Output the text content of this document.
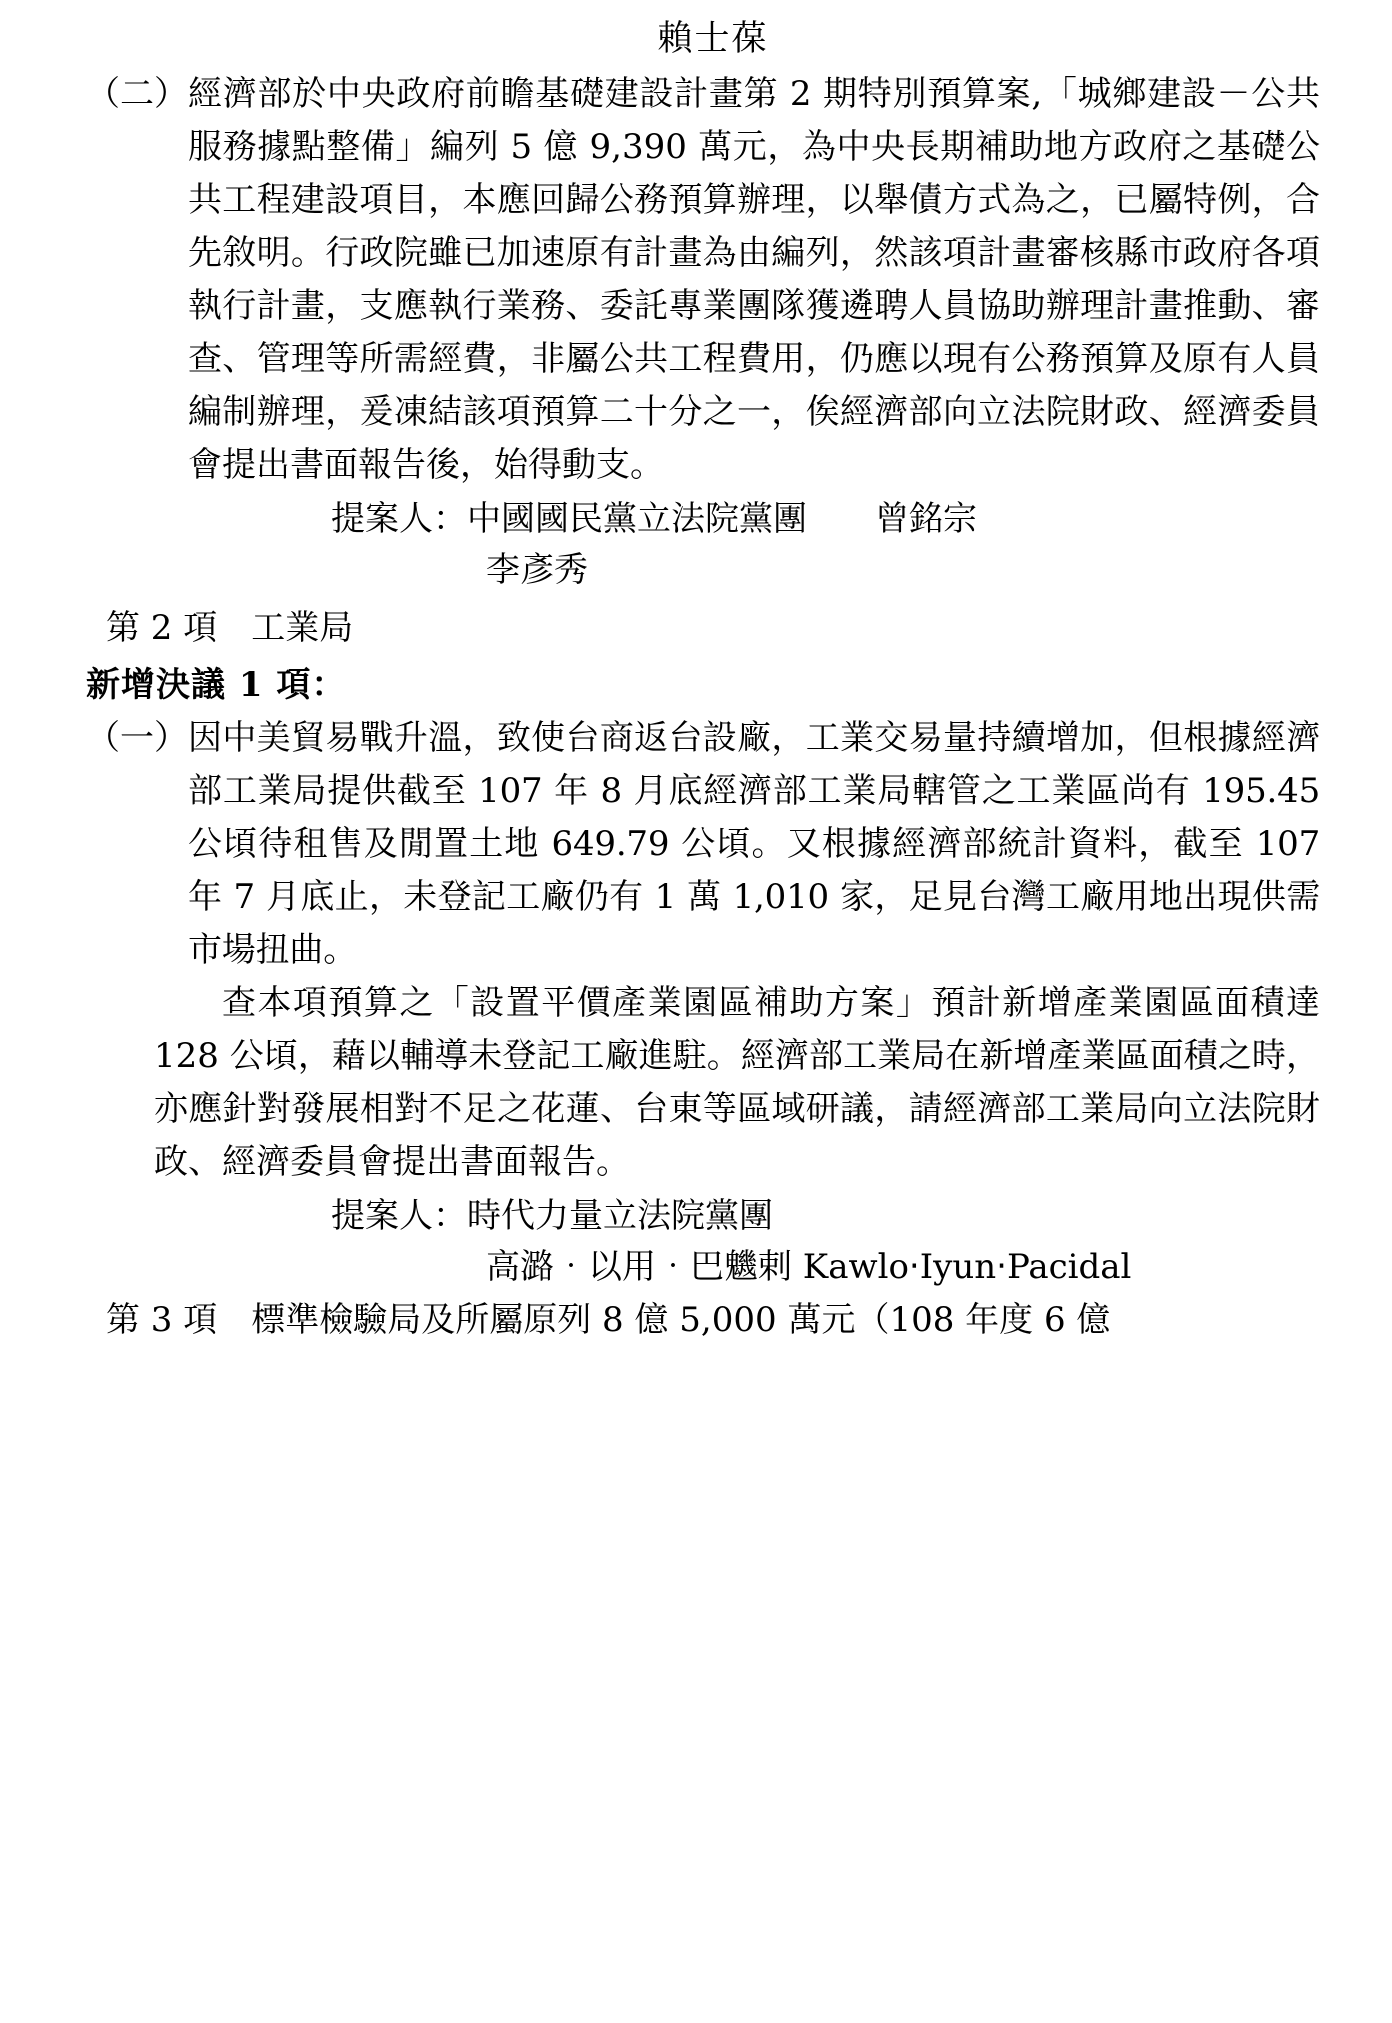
賴士葆
（二） 經濟部於中央政府前瞻基礎建設計畫第 2 期特別預算案,「城鄉建設－公共服務據點整備」編列 5 億 9,390 萬元，為中央長期補助地方政府之基礎公共工程建設項目，本應回歸公務預算辦理，以舉債方式為之，已屬特例，合先敘明。行政院雖已加速原有計畫為由編列，然該項計畫審核縣市政府各項執行計畫，支應執行業務、委託專業團隊獲遴聘人員協助辦理計畫推動、審查、管理等所需經費，非屬公共工程費用，仍應以現有公務預算及原有人員編制辦理，爰凍結該項預算二十分之一，俟經濟部向立法院財政、經濟委員會提出書面報告後，始得動支。
提案人：中國國民黨立法院黨團　　曾銘宗
李彥秀
第 2 項　工業局
新增決議 1 項：
（一） 因中美貿易戰升溫，致使台商返台設廠，工業交易量持續增加，但根據經濟部工業局提供截至 107 年 8 月底經濟部工業局轄管之工業區尚有 195.45 公頃待租售及閒置土地 649.79 公頃。又根據經濟部統計資料，截至 107 年 7 月底止，未登記工廠仍有 1 萬 1,010 家，足見台灣工廠用地出現供需市場扭曲。
查本項預算之「設置平價產業園區補助方案」預計新增產業園區面積達 128 公頃，藉以輔導未登記工廠進駐。經濟部工業局在新增產業區面積之時，亦應針對發展相對不足之花蓮、台東等區域研議，請經濟部工業局向立法院財政、經濟委員會提出書面報告。
提案人：時代力量立法院黨團
高潞‧以用‧巴魕剌 Kawlo‧Iyun‧Pacidal
第 3 項　標準檢驗局及所屬原列 8 億 5,000 萬元（108 年度 6 億
